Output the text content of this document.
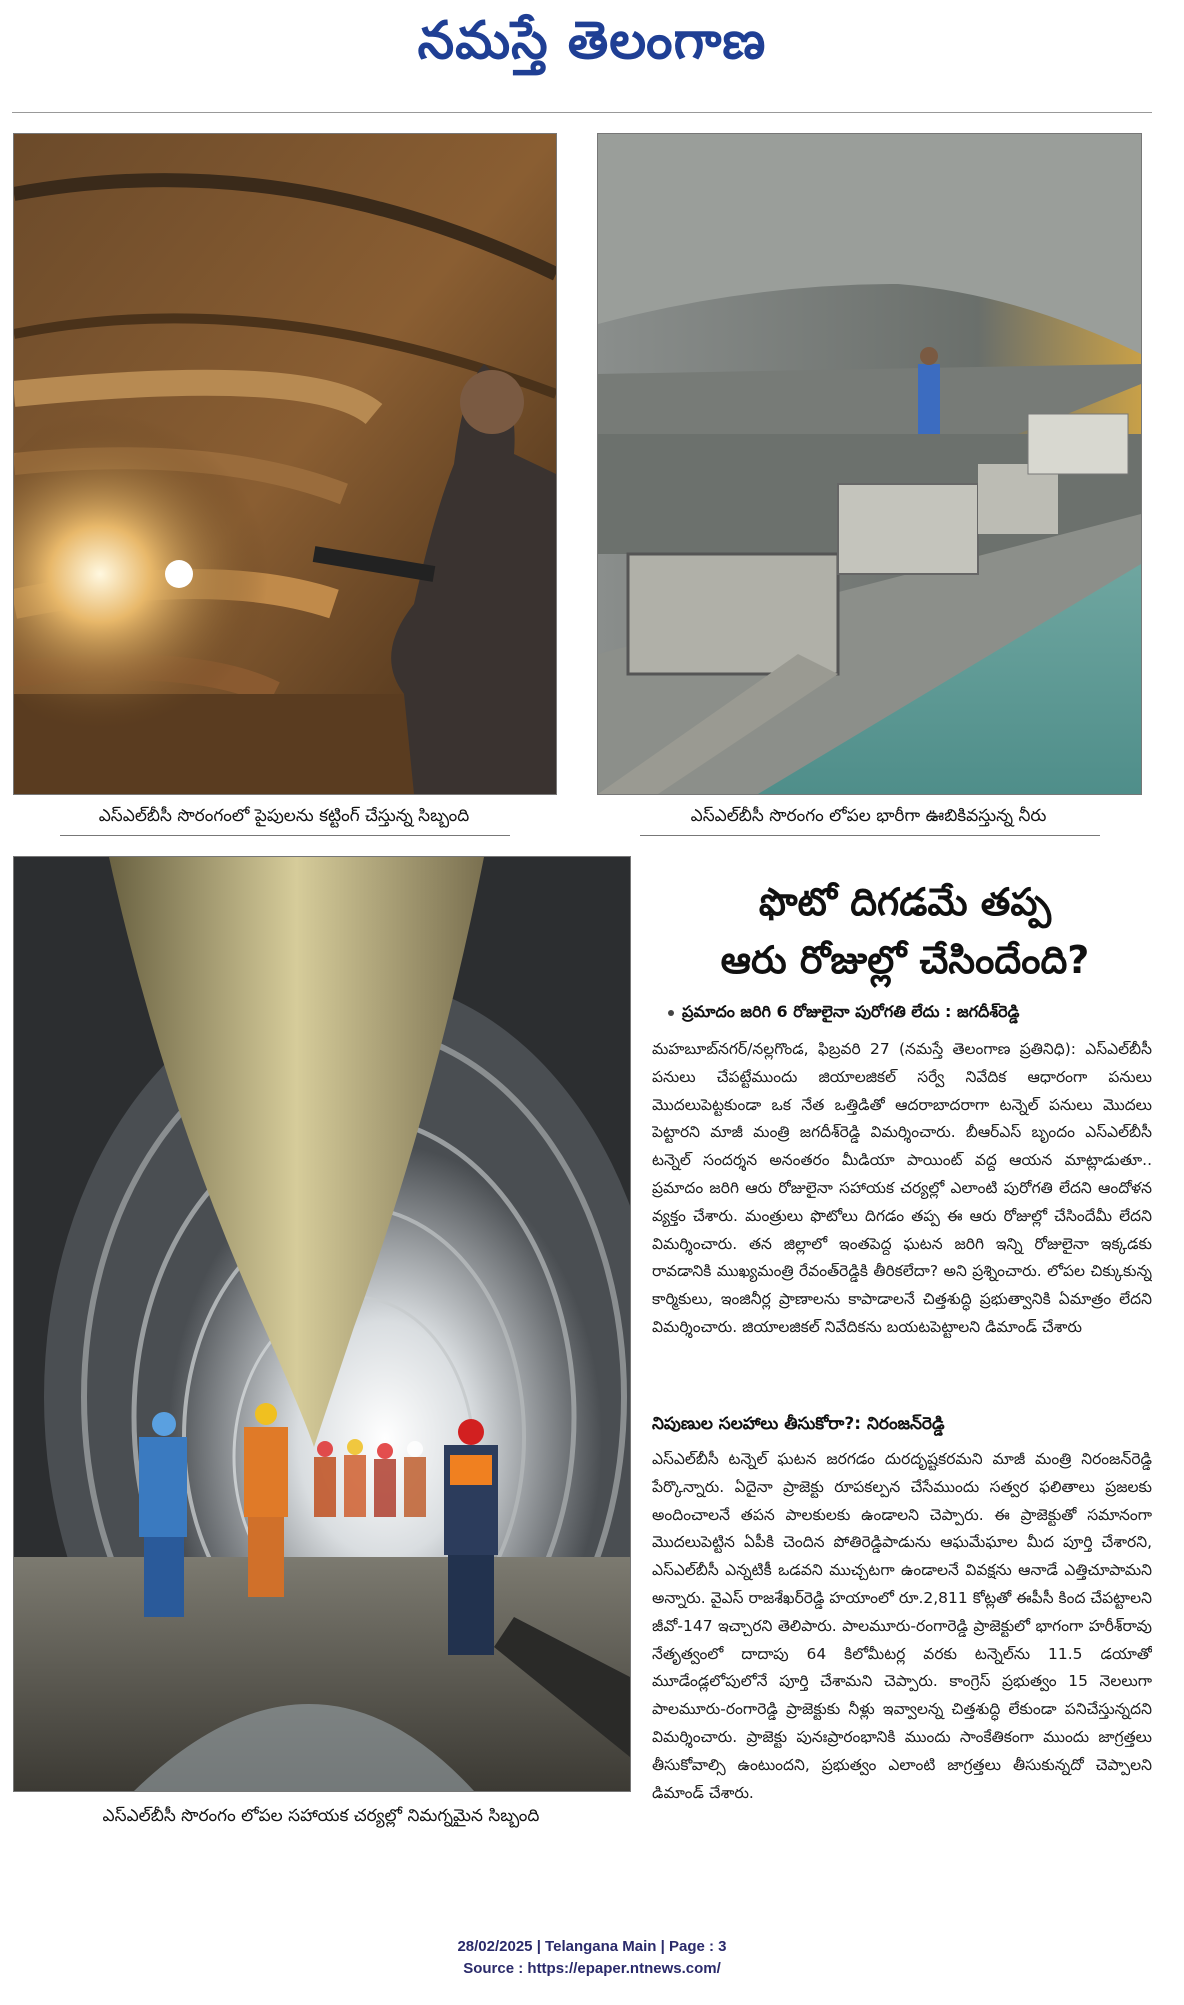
నమస్తే తెలంగాణ
ఎస్ఎల్‌బీసీ సొరంగంలో పైపులను కట్టింగ్ చేస్తున్న సిబ్బంది	ఎస్ఎల్‌బీసీ సొరంగం లోపల భారీగా ఊబికివస్తున్న నీరు
ఎస్ఎల్‌బీసీ సొరంగం లోపల సహాయక చర్యల్లో నిమగ్నమైన సిబ్బంది
ఫొటో దిగడమే తప్ప
ఆరు రోజుల్లో చేసిందేంది?
ప్రమాదం జరిగి 6 రోజులైనా పురోగతి లేదు : జగదీశ్‌రెడ్డి
మహబూబ్‌నగర్/నల్లగొండ, ఫిబ్రవరి 27 (నమస్తే తెలంగాణ ప్రతినిధి): ఎస్ఎల్‌బీసీ పనులు చేపట్టేముందు జియాలజికల్ సర్వే నివేదిక ఆధారంగా పనులు మొదలుపెట్టకుండా ఒక నేత ఒత్తిడితో ఆదరాబాదరాగా టన్నెల్ పనులు మొదలు పెట్టారని మాజీ మంత్రి జగదీశ్‌రెడ్డి విమర్శించారు. బీఆర్ఎస్ బృందం ఎస్ఎల్‌బీసీ టన్నెల్ సందర్శన అనంతరం మీడియా పాయింట్ వద్ద ఆయన మాట్లాడుతూ.. ప్రమాదం జరిగి ఆరు రోజులైనా సహాయక చర్యల్లో ఎలాంటి పురోగతి లేదని ఆందోళన వ్యక్తం చేశారు. మంత్రులు ఫొటోలు దిగడం తప్ప ఈ ఆరు రోజుల్లో చేసిందేమీ లేదని విమర్శించారు. తన జిల్లాలో ఇంతపెద్ద ఘటన జరిగి ఇన్ని రోజులైనా ఇక్కడకు రావడానికి ముఖ్యమంత్రి రేవంత్‌రెడ్డికి తీరికలేదా? అని ప్రశ్నించారు. లోపల చిక్కుకున్న కార్మికులు, ఇంజినీర్ల ప్రాణాలను కాపాడాలనే చిత్తశుద్ధి ప్రభుత్వానికి ఏమాత్రం లేదని విమర్శించారు. జియాలజికల్ నివేదికను బయటపెట్టాలని డిమాండ్ చేశారు
నిపుణుల సలహాలు తీసుకోరా?: నిరంజన్‌రెడ్డి
ఎస్ఎల్‌బీసీ టన్నెల్ ఘటన జరగడం దురదృష్టకరమని మాజీ మంత్రి నిరంజన్‌రెడ్డి పేర్కొన్నారు. ఏదైనా ప్రాజెక్టు రూపకల్పన చేసేముందు సత్వర ఫలితాలు ప్రజలకు అందించాలనే తపన పాలకులకు ఉండాలని చెప్పారు. ఈ ప్రాజెక్టుతో సమానంగా మొదలుపెట్టిన ఏపీకి చెందిన పోతిరెడ్డిపాడును ఆఘమేఘాల మీద పూర్తి చేశారని, ఎస్ఎల్‌బీసీ ఎన్నటికీ ఒడవని ముచ్చటగా ఉండాలనే వివక్షను ఆనాడే ఎత్తిచూపామని అన్నారు. వైఎస్ రాజశేఖర్‌రెడ్డి హయాంలో రూ.2,811 కోట్లతో ఈపీసీ కింద చేపట్టాలని జీవో-147 ఇచ్చారని తెలిపారు. పాలమూరు-రంగారెడ్డి ప్రాజెక్టులో భాగంగా హరీశ్‌రావు నేతృత్వంలో దాదాపు 64 కిలోమీటర్ల వరకు టన్నెల్‌ను 11.5 డయాతో మూడేండ్లలోపులోనే పూర్తి చేశామని చెప్పారు. కాంగ్రెస్ ప్రభుత్వం 15 నెలలుగా పాలమూరు-రంగారెడ్డి ప్రాజెక్టుకు నీళ్లు ఇవ్వాలన్న చిత్తశుద్ధి లేకుండా పనిచేస్తున్నదని విమర్శించారు. ప్రాజెక్టు పునఃప్రారంభానికి ముందు సాంకేతికంగా ముందు జాగ్రత్తలు తీసుకోవాల్సి ఉంటుందని, ప్రభుత్వం ఎలాంటి జాగ్రత్తలు తీసుకున్నదో చెప్పాలని డిమాండ్ చేశారు.
28/02/2025 | Telangana Main | Page : 3
Source : https://epaper.ntnews.com/
